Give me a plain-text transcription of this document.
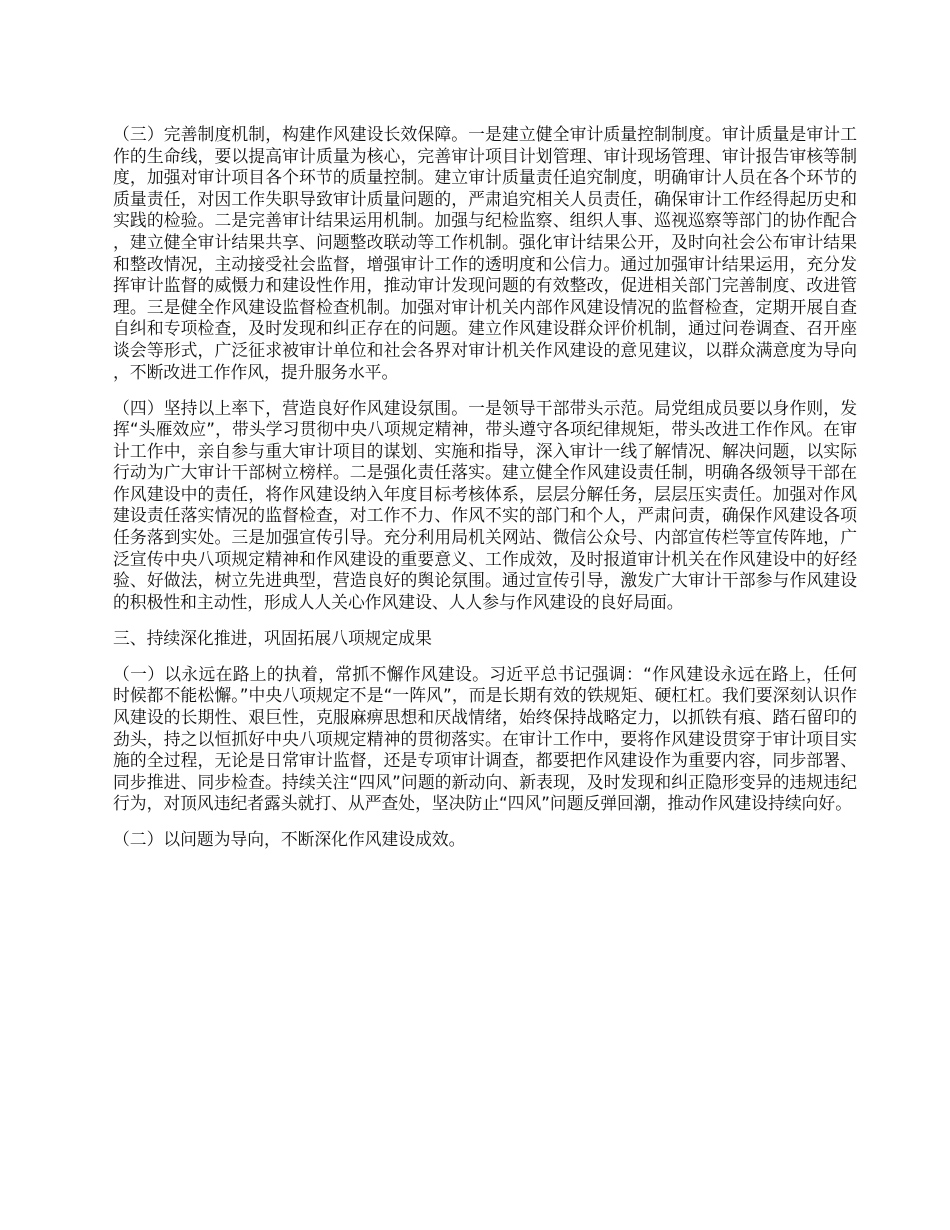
（三）完善制度机制，构建作风建设长效保障。一是建立健全审计质量控制制度。审计质量是审计工作的生命线，要以提高审计质量为核心，完善审计项目计划管理、审计现场管理、审计报告审核等制度，加强对审计项目各个环节的质量控制。建立审计质量责任追究制度，明确审计人员在各个环节的质量责任，对因工作失职导致审计质量问题的，严肃追究相关人员责任，确保审计工作经得起历史和实践的检验。二是完善审计结果运用机制。加强与纪检监察、组织人事、巡视巡察等部门的协作配合，建立健全审计结果共享、问题整改联动等工作机制。强化审计结果公开，及时向社会公布审计结果和整改情况，主动接受社会监督，增强审计工作的透明度和公信力。通过加强审计结果运用，充分发挥审计监督的威慑力和建设性作用，推动审计发现问题的有效整改，促进相关部门完善制度、改进管理。三是健全作风建设监督检查机制。加强对审计机关内部作风建设情况的监督检查，定期开展自查自纠和专项检查，及时发现和纠正存在的问题。建立作风建设群众评价机制，通过问卷调查、召开座谈会等形式，广泛征求被审计单位和社会各界对审计机关作风建设的意见建议，以群众满意度为导向，不断改进工作作风，提升服务水平。

（四）坚持以上率下，营造良好作风建设氛围。一是领导干部带头示范。局党组成员要以身作则，发挥“头雁效应”，带头学习贯彻中央八项规定精神，带头遵守各项纪律规矩，带头改进工作作风。在审计工作中，亲自参与重大审计项目的谋划、实施和指导，深入审计一线了解情况、解决问题，以实际行动为广大审计干部树立榜样。二是强化责任落实。建立健全作风建设责任制，明确各级领导干部在作风建设中的责任，将作风建设纳入年度目标考核体系，层层分解任务，层层压实责任。加强对作风建设责任落实情况的监督检查，对工作不力、作风不实的部门和个人，严肃问责，确保作风建设各项任务落到实处。三是加强宣传引导。充分利用局机关网站、微信公众号、内部宣传栏等宣传阵地，广泛宣传中央八项规定精神和作风建设的重要意义、工作成效，及时报道审计机关在作风建设中的好经验、好做法，树立先进典型，营造良好的舆论氛围。通过宣传引导，激发广大审计干部参与作风建设的积极性和主动性，形成人人关心作风建设、人人参与作风建设的良好局面。

三、持续深化推进，巩固拓展八项规定成果

（一）以永远在路上的执着，常抓不懈作风建设。习近平总书记强调：“作风建设永远在路上，任何时候都不能松懈。”中央八项规定不是“一阵风”，而是长期有效的铁规矩、硬杠杠。我们要深刻认识作风建设的长期性、艰巨性，克服麻痹思想和厌战情绪，始终保持战略定力，以抓铁有痕、踏石留印的劲头，持之以恒抓好中央八项规定精神的贯彻落实。在审计工作中，要将作风建设贯穿于审计项目实施的全过程，无论是日常审计监督，还是专项审计调查，都要把作风建设作为重要内容，同步部署、同步推进、同步检查。持续关注“四风”问题的新动向、新表现，及时发现和纠正隐形变异的违规违纪行为，对顶风违纪者露头就打、从严查处，坚决防止“四风”问题反弹回潮，推动作风建设持续向好。

（二）以问题为导向，不断深化作风建设成效。
